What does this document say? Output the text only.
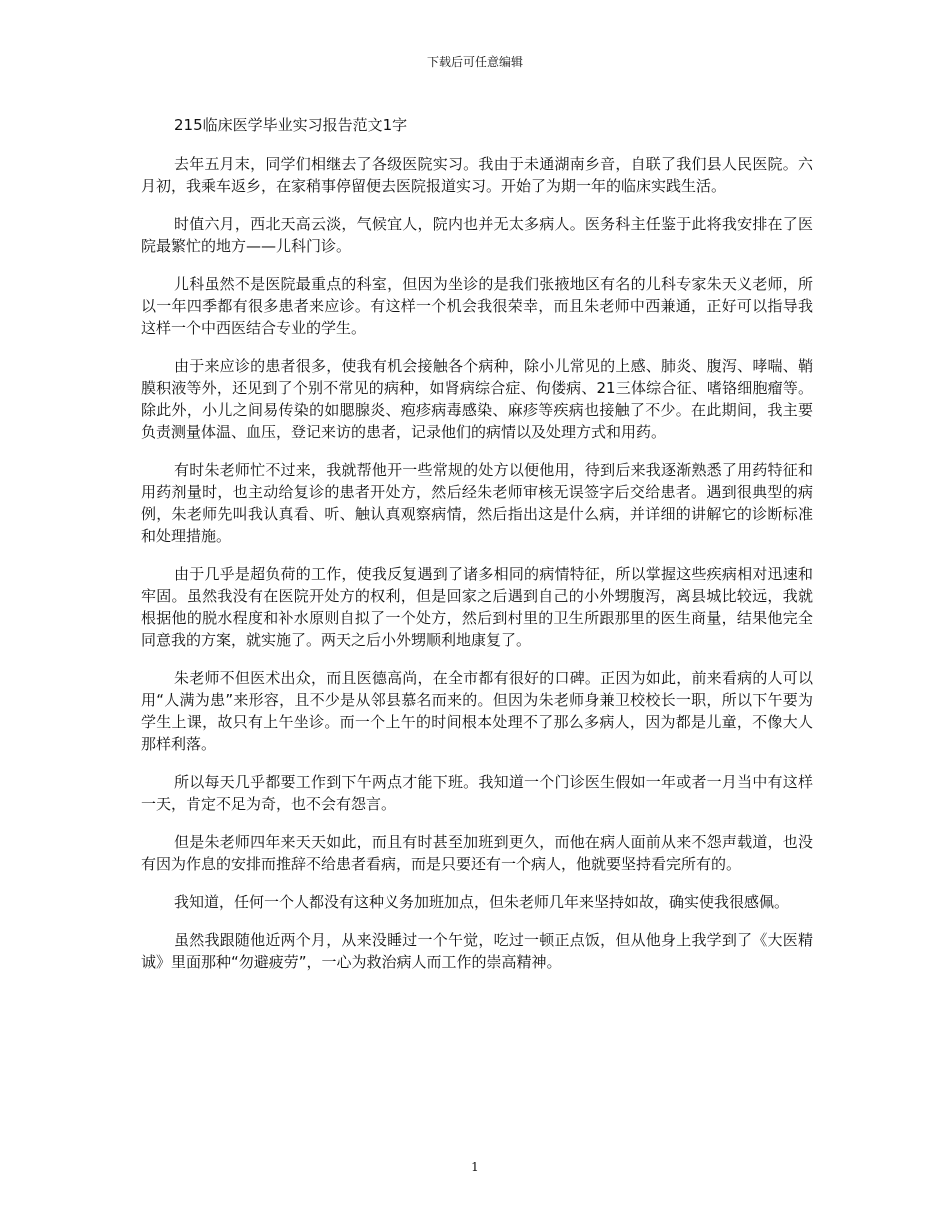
下载后可任意编辑

215临床医学毕业实习报告范文1字

去年五月末，同学们相继去了各级医院实习。我由于未通湖南乡音，自联了我们县人民医院。六月初，我乘车返乡，在家稍事停留便去医院报道实习。开始了为期一年的临床实践生活。

时值六月，西北天高云淡，气候宜人，院内也并无太多病人。医务科主任鉴于此将我安排在了医院最繁忙的地方——儿科门诊。

儿科虽然不是医院最重点的科室，但因为坐诊的是我们张掖地区有名的儿科专家朱天义老师，所以一年四季都有很多患者来应诊。有这样一个机会我很荣幸，而且朱老师中西兼通，正好可以指导我这样一个中西医结合专业的学生。

由于来应诊的患者很多，使我有机会接触各个病种，除小儿常见的上感、肺炎、腹泻、哮喘、鞘膜积液等外，还见到了个别不常见的病种，如肾病综合症、佝偻病、21三体综合征、嗜铬细胞瘤等。除此外，小儿之间易传染的如腮腺炎、疱疹病毒感染、麻疹等疾病也接触了不少。在此期间，我主要负责测量体温、血压，登记来访的患者，记录他们的病情以及处理方式和用药。

有时朱老师忙不过来，我就帮他开一些常规的处方以便他用，待到后来我逐渐熟悉了用药特征和用药剂量时，也主动给复诊的患者开处方，然后经朱老师审核无误签字后交给患者。遇到很典型的病例，朱老师先叫我认真看、听、触认真观察病情，然后指出这是什么病，并详细的讲解它的诊断标准和处理措施。

由于几乎是超负荷的工作，使我反复遇到了诸多相同的病情特征，所以掌握这些疾病相对迅速和牢固。虽然我没有在医院开处方的权利，但是回家之后遇到自己的小外甥腹泻，离县城比较远，我就根据他的脱水程度和补水原则自拟了一个处方，然后到村里的卫生所跟那里的医生商量，结果他完全同意我的方案，就实施了。两天之后小外甥顺利地康复了。

朱老师不但医术出众，而且医德高尚，在全市都有很好的口碑。正因为如此，前来看病的人可以用“人满为患”来形容，且不少是从邻县慕名而来的。但因为朱老师身兼卫校校长一职，所以下午要为学生上课，故只有上午坐诊。而一个上午的时间根本处理不了那么多病人，因为都是儿童，不像大人那样利落。

所以每天几乎都要工作到下午两点才能下班。我知道一个门诊医生假如一年或者一月当中有这样一天，肯定不足为奇，也不会有怨言。

但是朱老师四年来天天如此，而且有时甚至加班到更久，而他在病人面前从来不怨声载道，也没有因为作息的安排而推辞不给患者看病，而是只要还有一个病人，他就要坚持看完所有的。

我知道，任何一个人都没有这种义务加班加点，但朱老师几年来坚持如故，确实使我很感佩。

虽然我跟随他近两个月，从来没睡过一个午觉，吃过一顿正点饭，但从他身上我学到了《大医精诚》里面那种“勿避疲劳”，一心为救治病人而工作的崇高精神。

1
